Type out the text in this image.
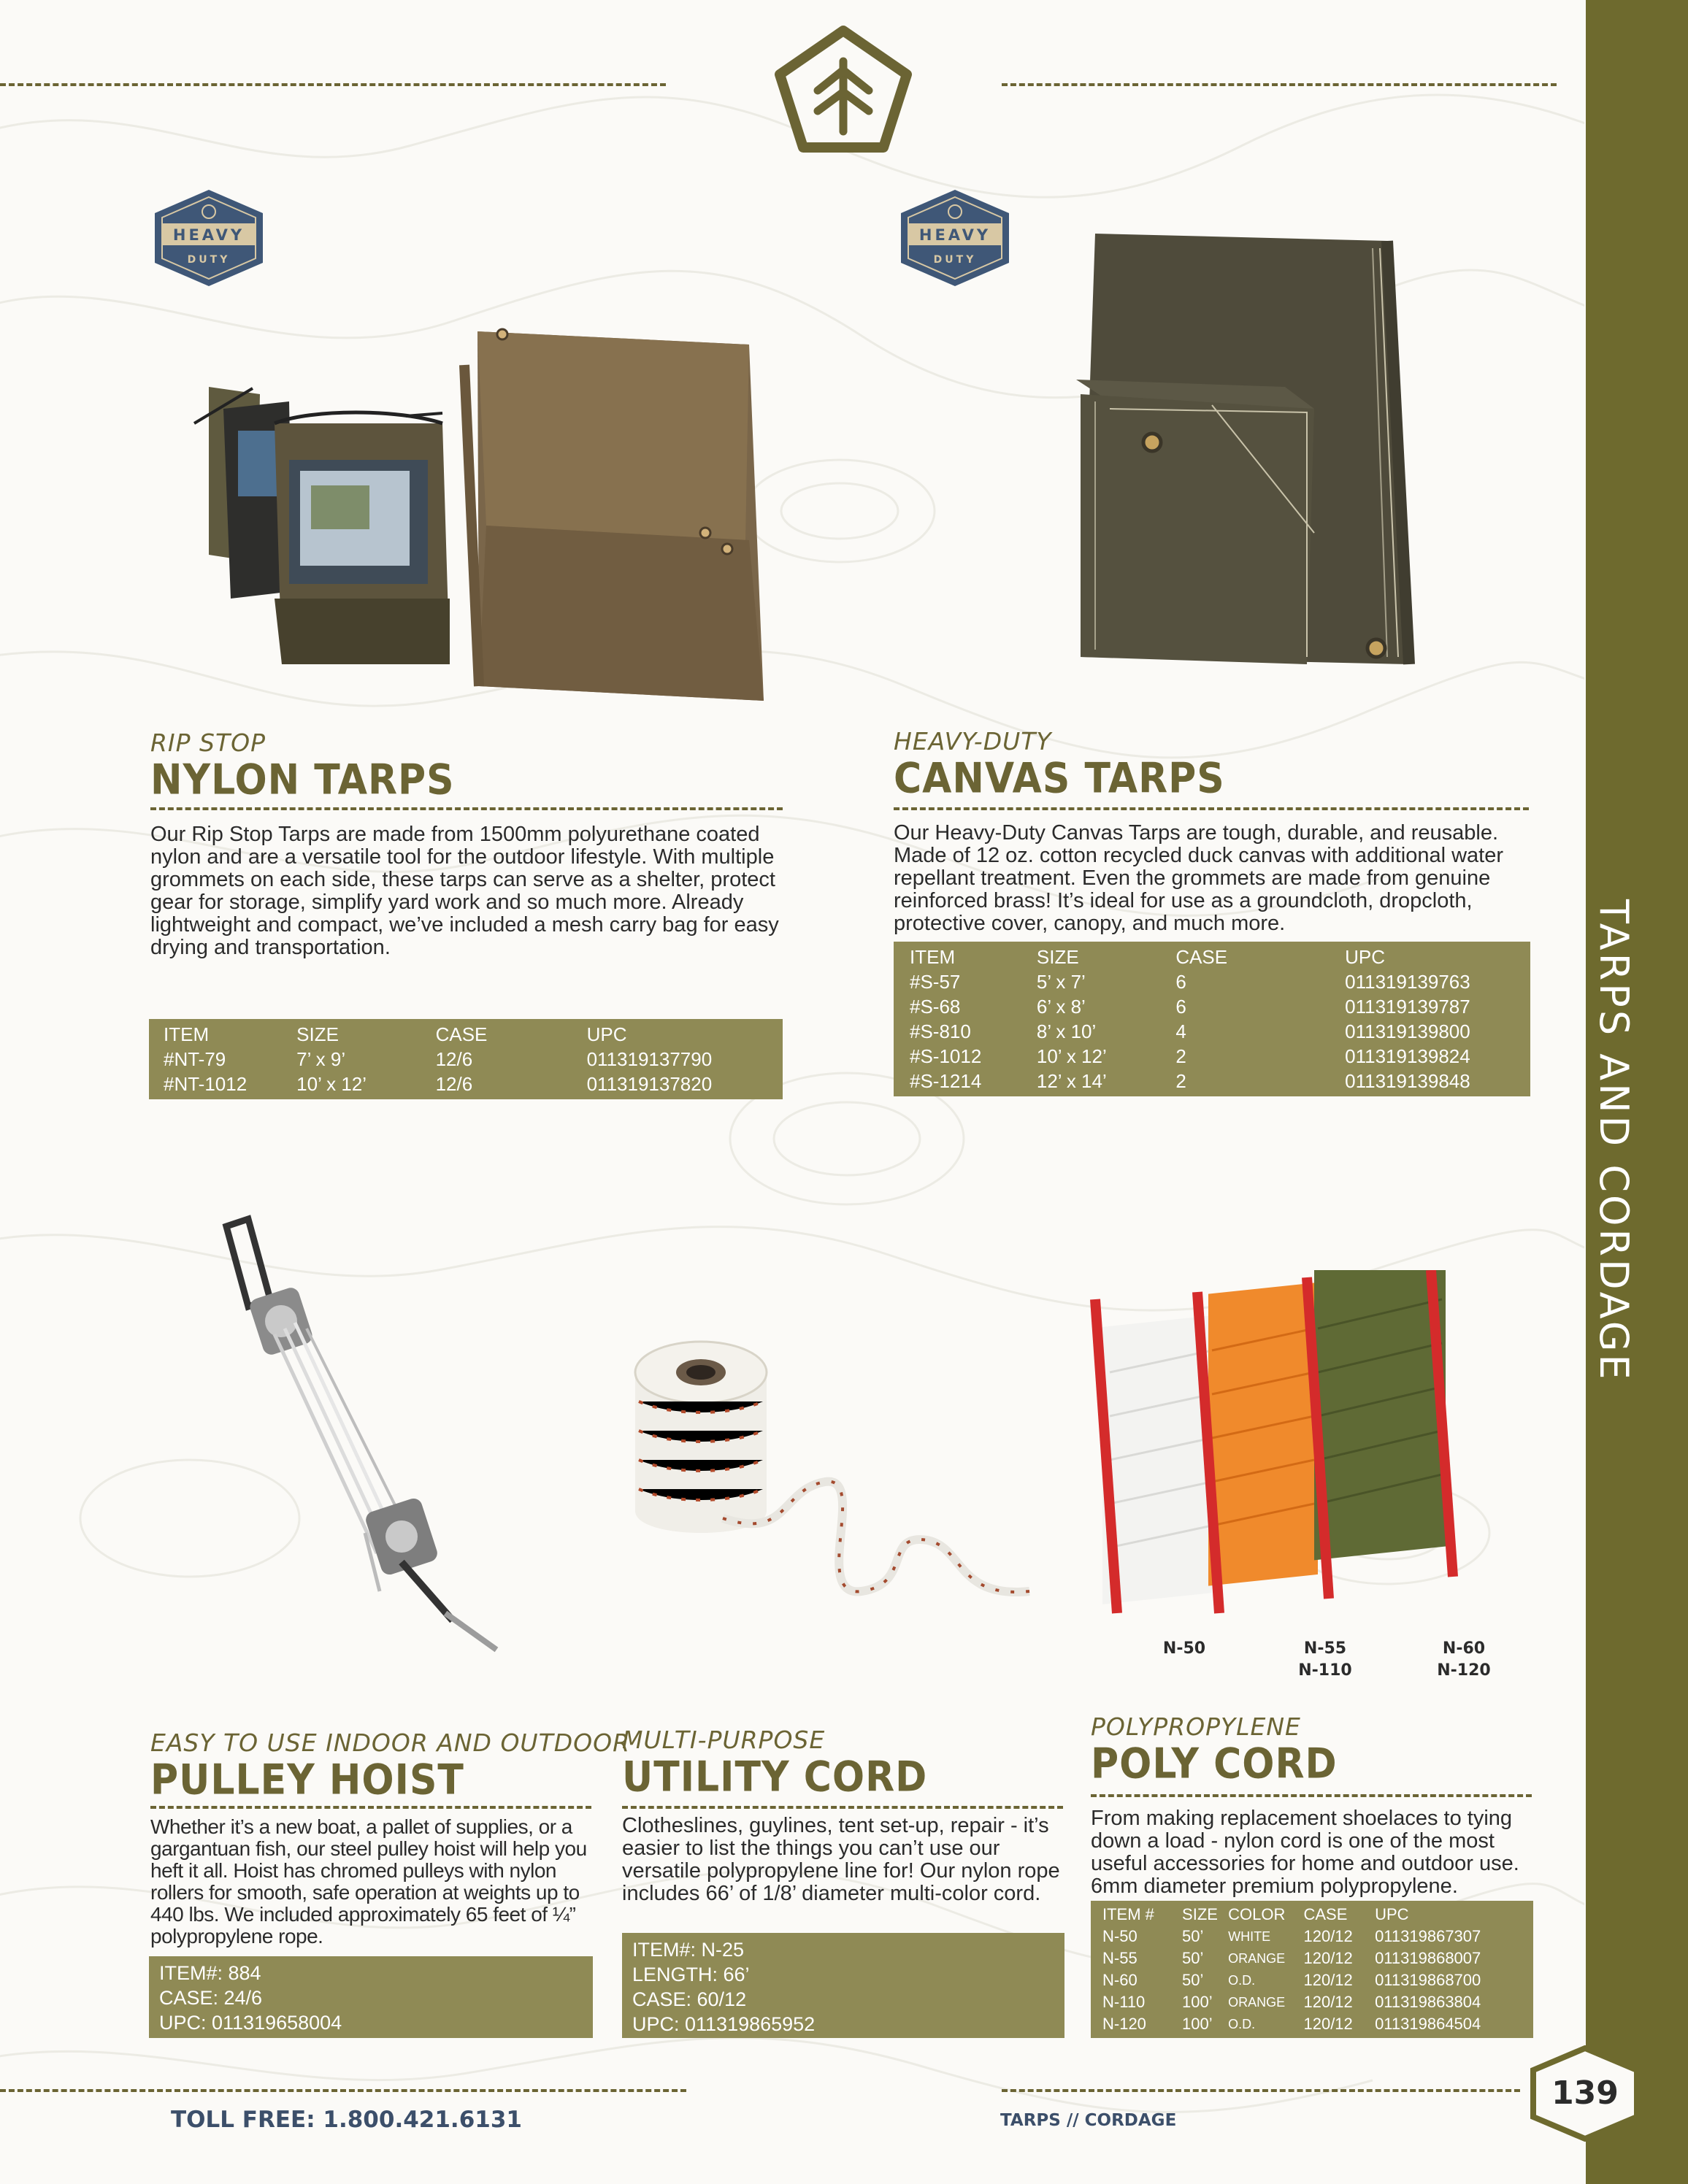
TARPS AND CORDAGE
HEAVY
DUTY
RIP STOP
NYLON TARPS
Our Rip Stop Tarps are made from 1500mm polyurethane coated nylon and are a versatile tool for the outdoor lifestyle. With multiple grommets on each side, these tarps can serve as a shelter, protect gear for storage, simplify yard work and so much more. Already lightweight and compact, we’ve included a mesh carry bag for easy drying and transportation.
ITEM	SIZE	CASE	UPC
#NT-79	7’ x 9’	12/6	011319137790
#NT-1012	10’ x 12’	12/6	011319137820
HEAVY
DUTY
HEAVY-DUTY
CANVAS TARPS
Our Heavy-Duty Canvas Tarps are tough, durable, and reusable. Made of 12 oz. cotton recycled duck canvas with additional water repellant treatment. Even the grommets are made from genuine reinforced brass! It’s ideal for use as a groundcloth, dropcloth, protective cover, canopy, and much more.
ITEM	SIZE	CASE	UPC
#S-57	5’ x 7’	6	011319139763
#S-68	6’ x 8’	6	011319139787
#S-810	8’ x 10’	4	011319139800
#S-1012	10’ x 12’	2	011319139824
#S-1214	12’ x 14’	2	011319139848
EASY TO USE INDOOR AND OUTDOOR
PULLEY HOIST
Whether it’s a new boat, a pallet of supplies, or a gargantuan fish, our steel pulley hoist will help you heft it all. Hoist has chromed pulleys with nylon rollers for smooth, safe operation at weights up to 440 lbs. We included approximately 65 feet of ¼” polypropylene rope.
ITEM#: 884
CASE: 24/6
UPC: 011319658004
MULTI-PURPOSE
UTILITY CORD
Clotheslines, guylines, tent set-up, repair - it’s easier to list the things you can’t use our versatile polypropylene line for! Our nylon rope includes 66’ of 1/8’ diameter multi-color cord.
ITEM#: N-25
LENGTH: 66’
CASE: 60/12
UPC: 011319865952
N-50	N-55
N-110
N-60
N-120
POLYPROPYLENE
POLY CORD
From making replacement shoelaces to tying down a load - nylon cord is one of the most useful accessories for home and outdoor use. 6mm diameter premium polypropylene.
ITEM #	SIZE	COLOR	CASE	UPC
N-50	50’	WHITE	120/12	011319867307
N-55	50’	ORANGE	120/12	011319868007
N-60	50’	O.D.	120/12	011319868700
N-110	100’	ORANGE	120/12	011319863804
N-120	100’	O.D.	120/12	011319864504
TOLL FREE: 1.800.421.6131	TARPS // CORDAGE
139
